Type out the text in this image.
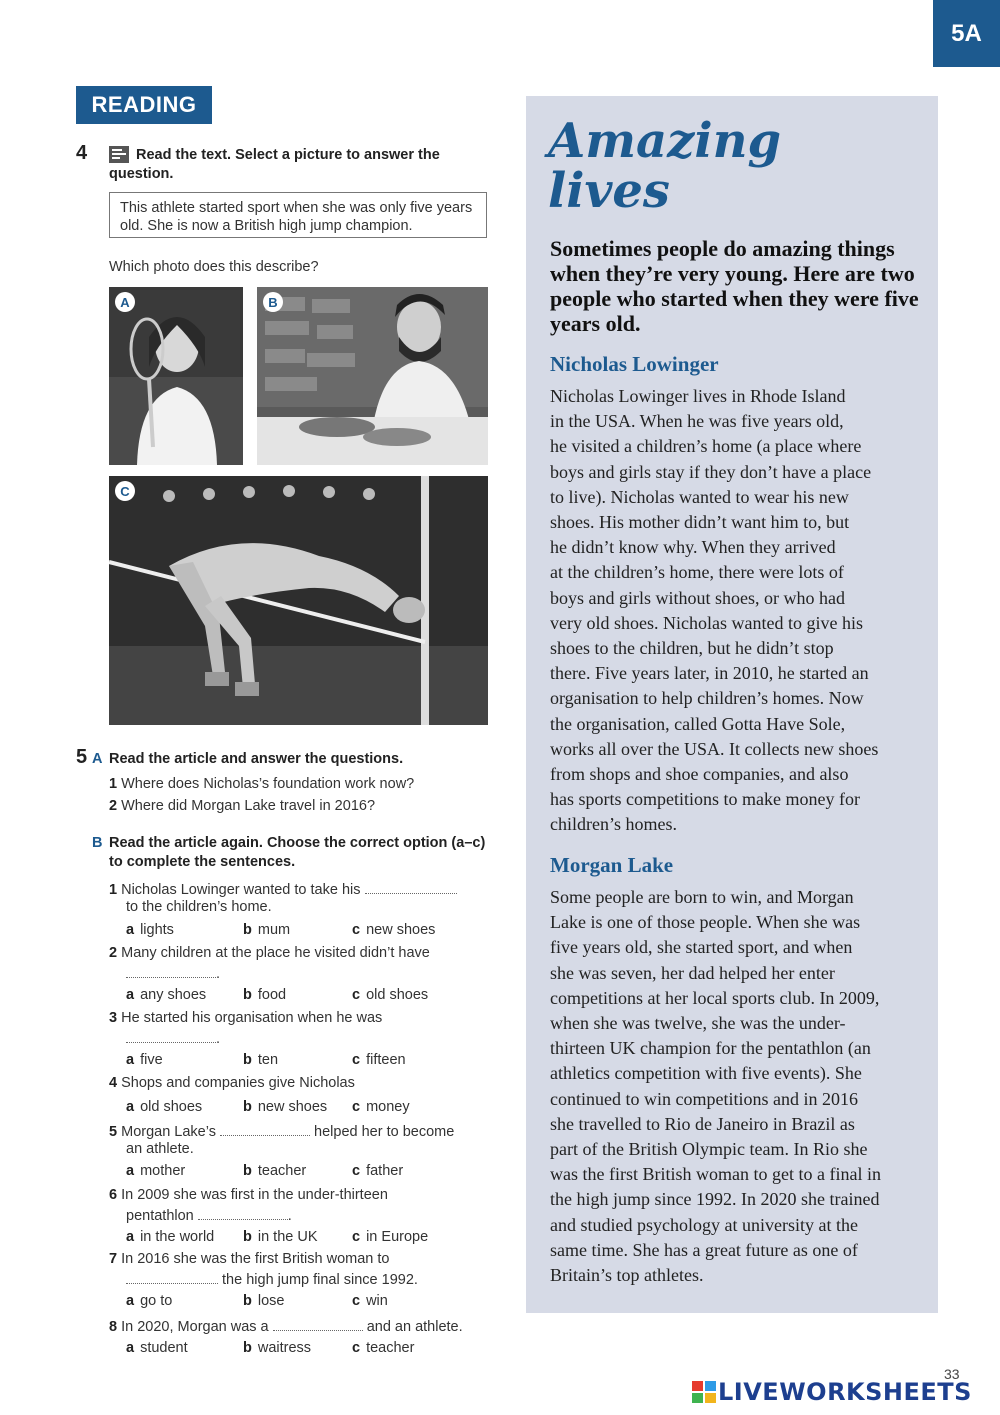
5A
READING
4	Read the text. Select a picture to answer the question.
This athlete started sport when she was only five years old. She is now a British high jump champion.
Which photo does this describe?
A	B
C
5 A Read the article and answer the questions.
1 Where does Nicholas’s foundation work now?
2 Where did Morgan Lake travel in 2016?
B Read the article again. Choose the correct option (a–c) to complete the sentences.
1 Nicholas Lowinger wanted to take his
to the children’s home.
a lights	b mum	c new shoes
2 Many children at the place he visited didn’t have
.
a any shoes	b food	c old shoes
3 He started his organisation when he was
.
a five	b ten	c fifteen
4 Shops and companies give Nicholas
a old shoes	b new shoes c money
5 Morgan Lake’s	helped her to become
an athlete.
a mother	b teacher	c father
6 In 2009 she was first in the under-thirteen
pentathlon	.
a in the world b in the UK c in Europe
7 In 2016 she was the first British woman to
the high jump final since 1992.
a go to	b lose	c win
8 In 2020, Morgan was a	and an athlete.
a student	b waitress	c teacher
Amazing
lives
Sometimes people do amazing things when they’re very young. Here are two people who started when they were five years old.
Nicholas Lowinger
Nicholas Lowinger lives in Rhode Island
in the USA. When he was five years old,
he visited a children’s home (a place where
boys and girls stay if they don’t have a place
to live). Nicholas wanted to wear his new
shoes. His mother didn’t want him to, but
he didn’t know why. When they arrived
at the children’s home, there were lots of
boys and girls without shoes, or who had
very old shoes. Nicholas wanted to give his
shoes to the children, but he didn’t stop
there. Five years later, in 2010, he started an
organisation to help children’s homes. Now
the organisation, called Gotta Have Sole,
works all over the USA. It collects new shoes
from shops and shoe companies, and also
has sports competitions to make money for
children’s homes.
Morgan Lake
Some people are born to win, and Morgan
Lake is one of those people. When she was
five years old, she started sport, and when
she was seven, her dad helped her enter
competitions at her local sports club. In 2009,
when she was twelve, she was the under-
thirteen UK champion for the pentathlon (an
athletics competition with five events). She
continued to win competitions and in 2016
she travelled to Rio de Janeiro in Brazil as
part of the British Olympic team. In Rio she
was the first British woman to get to a final in
the high jump since 1992. In 2020 she trained
and studied psychology at university at the
same time. She has a great future as one of
Britain’s top athletes.
33
LIVEWORKSHEETS
